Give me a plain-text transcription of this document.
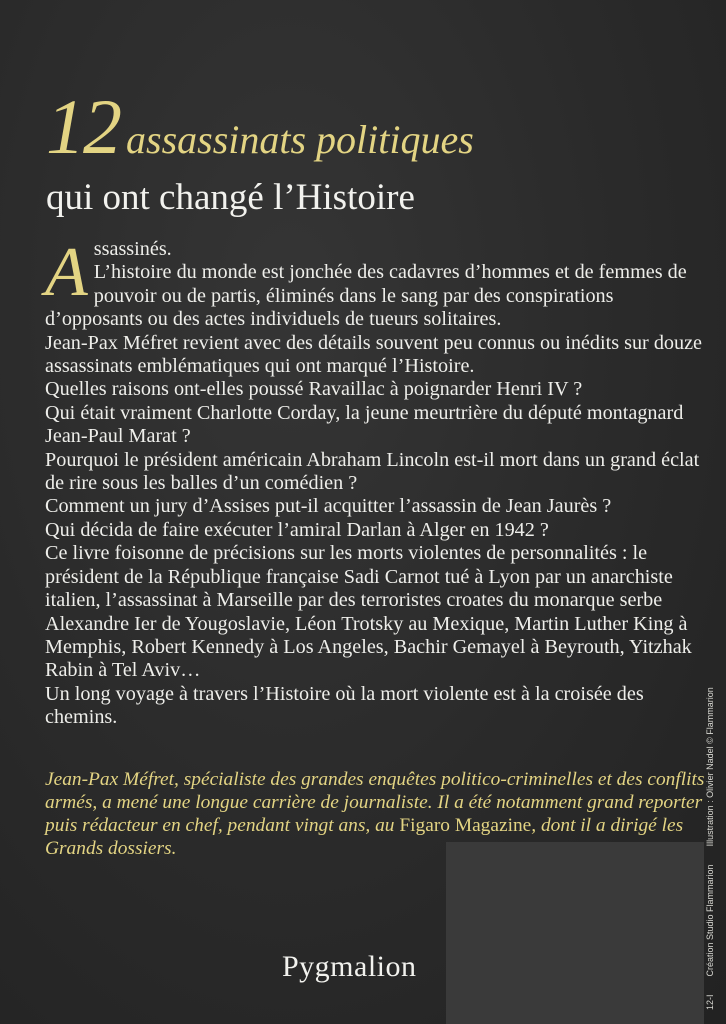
12 assassinats politiques
qui ont changé l’Histoire
A ssassinés.

L’histoire du monde est jonchée des cadavres d’hommes et de femmes de pouvoir ou de partis, éliminés dans le sang par des conspirations d’opposants ou des actes individuels de tueurs solitaires.

Jean-Pax Méfret revient avec des détails souvent peu connus ou inédits sur douze assassinats emblématiques qui ont marqué l’Histoire.

Quelles raisons ont-elles poussé Ravaillac à poignarder Henri IV ?

Qui était vraiment Charlotte Corday, la jeune meurtrière du député montagnard Jean-Paul Marat ?

Pourquoi le président américain Abraham Lincoln est-il mort dans un grand éclat de rire sous les balles d’un comédien ?

Comment un jury d’Assises put-il acquitter l’assassin de Jean Jaurès ?

Qui décida de faire exécuter l’amiral Darlan à Alger en 1942 ?

Ce livre foisonne de précisions sur les morts violentes de personnalités : le président de la République française Sadi Carnot tué à Lyon par un anarchiste italien, l’assassinat à Marseille par des terroristes croates du monarque serbe Alexandre Ier de Yougoslavie, Léon Trotsky au Mexique, Martin Luther King à Memphis, Robert Kennedy à Los Angeles, Bachir Gemayel à Beyrouth, Yitzhak Rabin à Tel Aviv…

Un long voyage à travers l’Histoire où la mort violente est à la croisée des chemins.

Jean-Pax Méfret, spécialiste des grandes enquêtes politico-criminelles et des conflits armés, a mené une longue carrière de journaliste. Il a été notamment grand reporter puis rédacteur en chef, pendant vingt ans, au Figaro Magazine, dont il a dirigé les Grands dossiers.
Pygmalion
12-ICréation Studio FlammarionIllustration : Olivier Nadel © Flammarion
